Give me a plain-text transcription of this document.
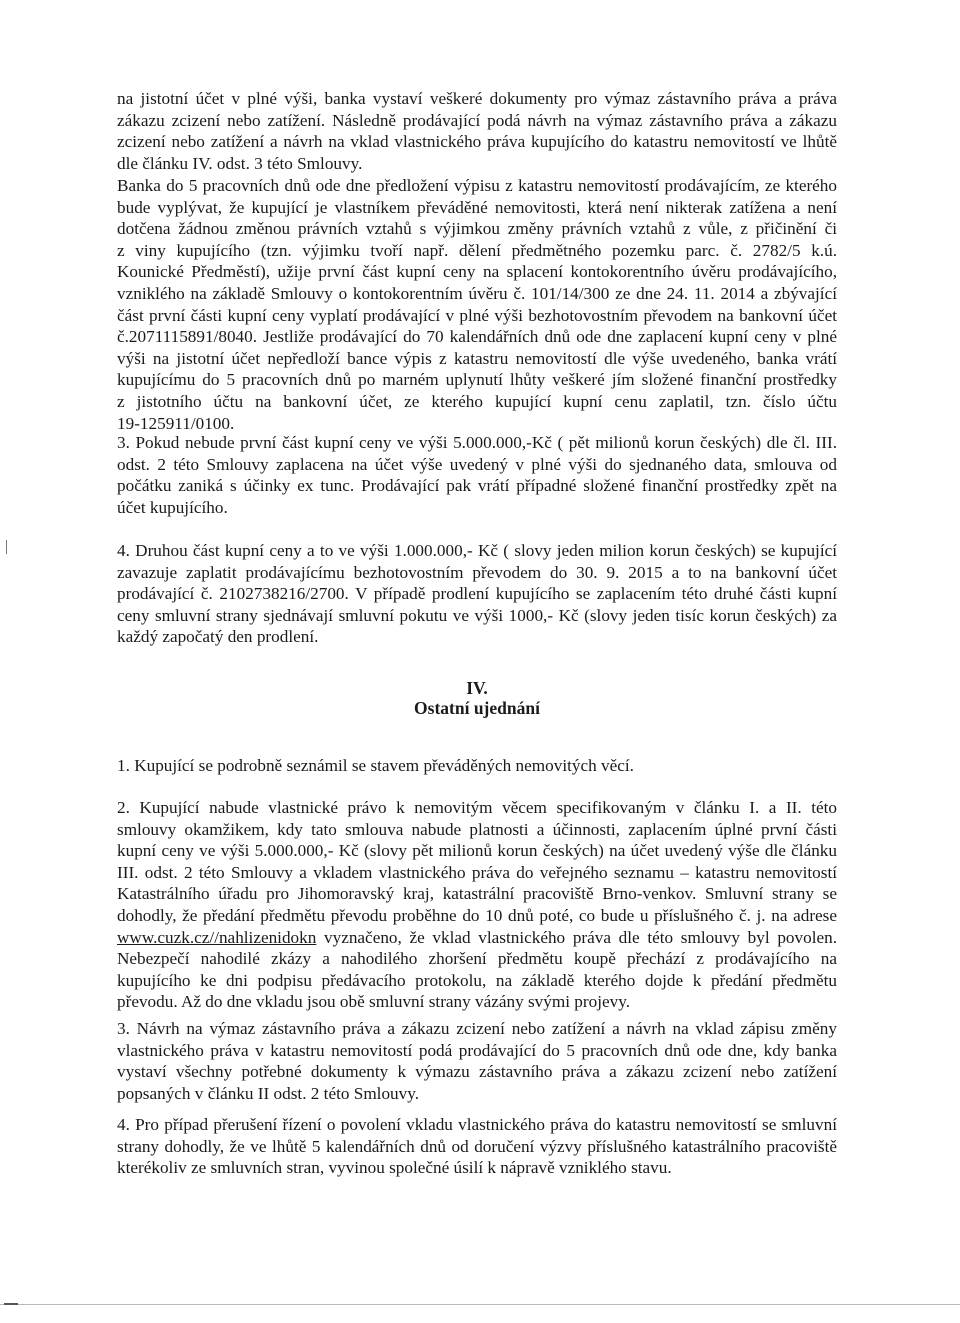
na jistotní účet v plné výši, banka vystaví veškeré dokumenty pro výmaz zástavního práva a práva
zákazu zcizení nebo zatížení. Následně prodávající podá návrh na výmaz zástavního práva a zákazu
zcizení nebo zatížení a návrh na vklad vlastnického práva kupujícího do katastru nemovitostí ve lhůtě
dle článku IV. odst. 3 této Smlouvy.
Banka do 5 pracovních dnů ode dne předložení výpisu z katastru nemovitostí prodávajícím, ze kterého
bude vyplývat, že kupující je vlastníkem převáděné nemovitosti, která není nikterak zatížena a není
dotčena žádnou změnou právních vztahů s výjimkou změny právních vztahů z vůle, z přičinění či
z viny kupujícího (tzn. výjimku tvoří např. dělení předmětného pozemku parc. č. 2782/5 k.ú.
Kounické Předměstí), užije první část kupní ceny na splacení kontokorentního úvěru prodávajícího,
vzniklého na základě Smlouvy o kontokorentním úvěru č. 101/14/300 ze dne 24. 11. 2014 a zbývající
část první části kupní ceny vyplatí prodávající v plné výši bezhotovostním převodem na bankovní účet
č.2071115891/8040. Jestliže prodávající do 70 kalendářních dnů ode dne zaplacení kupní ceny v plné
výši na jistotní účet nepředloží bance výpis z katastru nemovitostí dle výše uvedeného, banka vrátí
kupujícímu do 5 pracovních dnů po marném uplynutí lhůty veškeré jím složené finanční prostředky
z jistotního účtu na bankovní účet, ze kterého kupující kupní cenu zaplatil, tzn. číslo účtu
19-125911/0100.
3. Pokud nebude první část kupní ceny ve výši 5.000.000,-Kč ( pět milionů korun českých) dle čl. III.
odst. 2 této Smlouvy zaplacena na účet výše uvedený v plné výši do sjednaného data, smlouva od
počátku zaniká s účinky ex tunc. Prodávající pak vrátí případné složené finanční prostředky zpět na
účet kupujícího.
4. Druhou část kupní ceny a to ve výši 1.000.000,- Kč ( slovy jeden milion korun českých) se kupující
zavazuje zaplatit prodávajícímu bezhotovostním převodem do 30. 9. 2015 a to na bankovní účet
prodávající č. 2102738216/2700. V případě prodlení kupujícího se zaplacením této druhé části kupní
ceny smluvní strany sjednávají smluvní pokutu ve výši 1000,- Kč (slovy jeden tisíc korun českých) za
každý započatý den prodlení.
IV.
Ostatní ujednání
1. Kupující se podrobně seznámil se stavem převáděných nemovitých věcí.
2. Kupující nabude vlastnické právo k nemovitým věcem specifikovaným v článku I. a II. této
smlouvy okamžikem, kdy tato smlouva nabude platnosti a účinnosti, zaplacením úplné první části
kupní ceny ve výši 5.000.000,- Kč (slovy pět milionů korun českých) na účet uvedený výše dle článku
III. odst. 2 této Smlouvy a vkladem vlastnického práva do veřejného seznamu – katastru nemovitostí
Katastrálního úřadu pro Jihomoravský kraj, katastrální pracoviště Brno-venkov. Smluvní strany se
dohodly, že předání předmětu převodu proběhne do 10 dnů poté, co bude u příslušného č. j. na adrese
www.cuzk.cz//nahlizenidokn vyznačeno, že vklad vlastnického práva dle této smlouvy byl povolen.
Nebezpečí nahodilé zkázy a nahodilého zhoršení předmětu koupě přechází z prodávajícího na
kupujícího ke dni podpisu předávacího protokolu, na základě kterého dojde k předání předmětu
převodu. Až do dne vkladu jsou obě smluvní strany vázány svými projevy.
3. Návrh na výmaz zástavního práva a zákazu zcizení nebo zatížení a návrh na vklad zápisu změny
vlastnického práva v katastru nemovitostí podá prodávající do 5 pracovních dnů ode dne, kdy banka
vystaví všechny potřebné dokumenty k výmazu zástavního práva a zákazu zcizení nebo zatížení
popsaných v článku II odst. 2 této Smlouvy.
4. Pro případ přerušení řízení o povolení vkladu vlastnického práva do katastru nemovitostí se smluvní
strany dohodly, že ve lhůtě 5 kalendářních dnů od doručení výzvy příslušného katastrálního pracoviště
kterékoliv ze smluvních stran, vyvinou společné úsilí k nápravě vzniklého stavu.
